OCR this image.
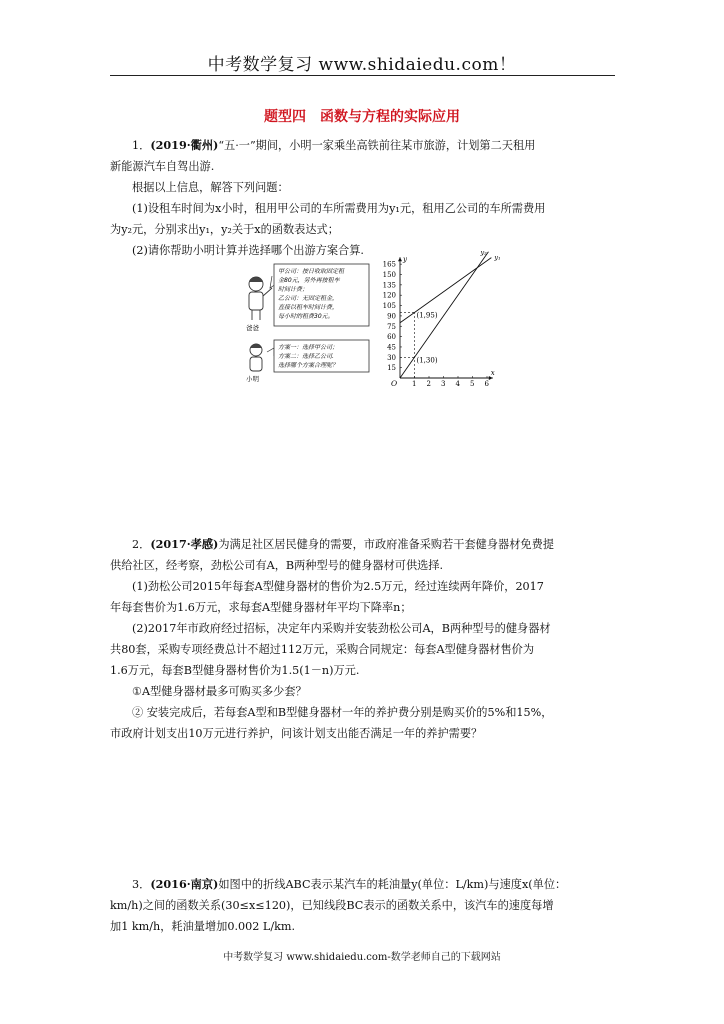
中考数学复习 www.shidaiedu.com！
题型四　函数与方程的实际应用
1．(2019·衢州)“五·一”期间，小明一家乘坐高铁前往某市旅游，计划第二天租用
新能源汽车自驾出游.
根据以上信息，解答下列问题：
(1)设租车时间为x小时，租用甲公司的车所需费用为y₁元，租用乙公司的车所需费用
为y₂元，分别求出y₁，y₂关于x的函数表达式；
(2)请你帮助小明计算并选择哪个出游方案合算.
爸爸
甲公司：按日收取固定租
金80元，另外再按租车
时间计费；
乙公司：无固定租金，
直接以租车时间计费，
每小时的租费30元。
小明
方案一：选择甲公司；
方案二：选择乙公司.
选择哪个方案合理呢？
x
y
O 1 2 3 4 5 6
15
30
45
60
75
90
105
120
135
150
165
y₁
y₂
(1,95)
(1,30)
2．(2017·孝感)为满足社区居民健身的需要，市政府准备采购若干套健身器材免费提
供给社区，经考察，劲松公司有A，B两种型号的健身器材可供选择.
(1)劲松公司2015年每套A型健身器材的售价为2.5万元，经过连续两年降价，2017
年每套售价为1.6万元，求每套A型健身器材年平均下降率n；
(2)2017年市政府经过招标，决定年内采购并安装劲松公司A，B两种型号的健身器材
共80套，采购专项经费总计不超过112万元，采购合同规定：每套A型健身器材售价为
1.6万元，每套B型健身器材售价为1.5(1－n)万元.
①A型健身器材最多可购买多少套？
② 安装完成后，若每套A型和B型健身器材一年的养护费分别是购买价的5%和15%，
市政府计划支出10万元进行养护，问该计划支出能否满足一年的养护需要？
3．(2016·南京)如图中的折线ABC表示某汽车的耗油量y(单位：L/km)与速度x(单位：
km/h)之间的函数关系(30≤x≤120)，已知线段BC表示的函数关系中，该汽车的速度每增
加1 km/h，耗油量增加0.002 L/km.
中考数学复习 www.shidaiedu.com-数学老师自己的下载网站
